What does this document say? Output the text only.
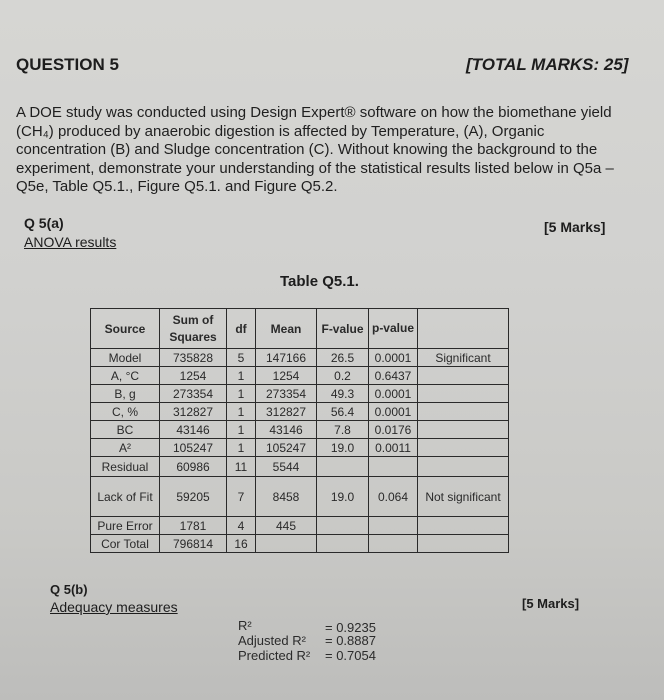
QUESTION 5	[TOTAL MARKS: 25]
A DOE study was conducted using Design Expert® software on how the biomethane yield (CH₄) produced by anaerobic digestion is affected by Temperature, (A), Organic concentration (B) and Sludge concentration (C). Without knowing the background to the experiment, demonstrate your understanding of the statistical results listed below in Q5a – Q5e, Table Q5.1., Figure Q5.1. and Figure Q5.2.
Q 5(a)
ANOVA results
[5 Marks]
Table Q5.1.
Source	Sum of Squares	df	Mean	F-value	p-value	
Model	735828	5	147166	26.5	0.0001	Significant
A, °C	1254	1	1254	0.2	0.6437	
B, g	273354	1	273354	49.3	0.0001	
C, %	312827	1	312827	56.4	0.0001	
BC	43146	1	43146	7.8	0.0176	
A²	105247	1	105247	19.0	0.0011	
Residual	60986	11	5544			
Lack of Fit	59205	7	8458	19.0	0.064	Not significant
Pure Error	1781	4	445			
Cor Total	796814	16				
Q 5(b)
Adequacy measures	[5 Marks]
R²	= 0.9235
Adjusted R² = 0.8887
Predicted R² = 0.7054
